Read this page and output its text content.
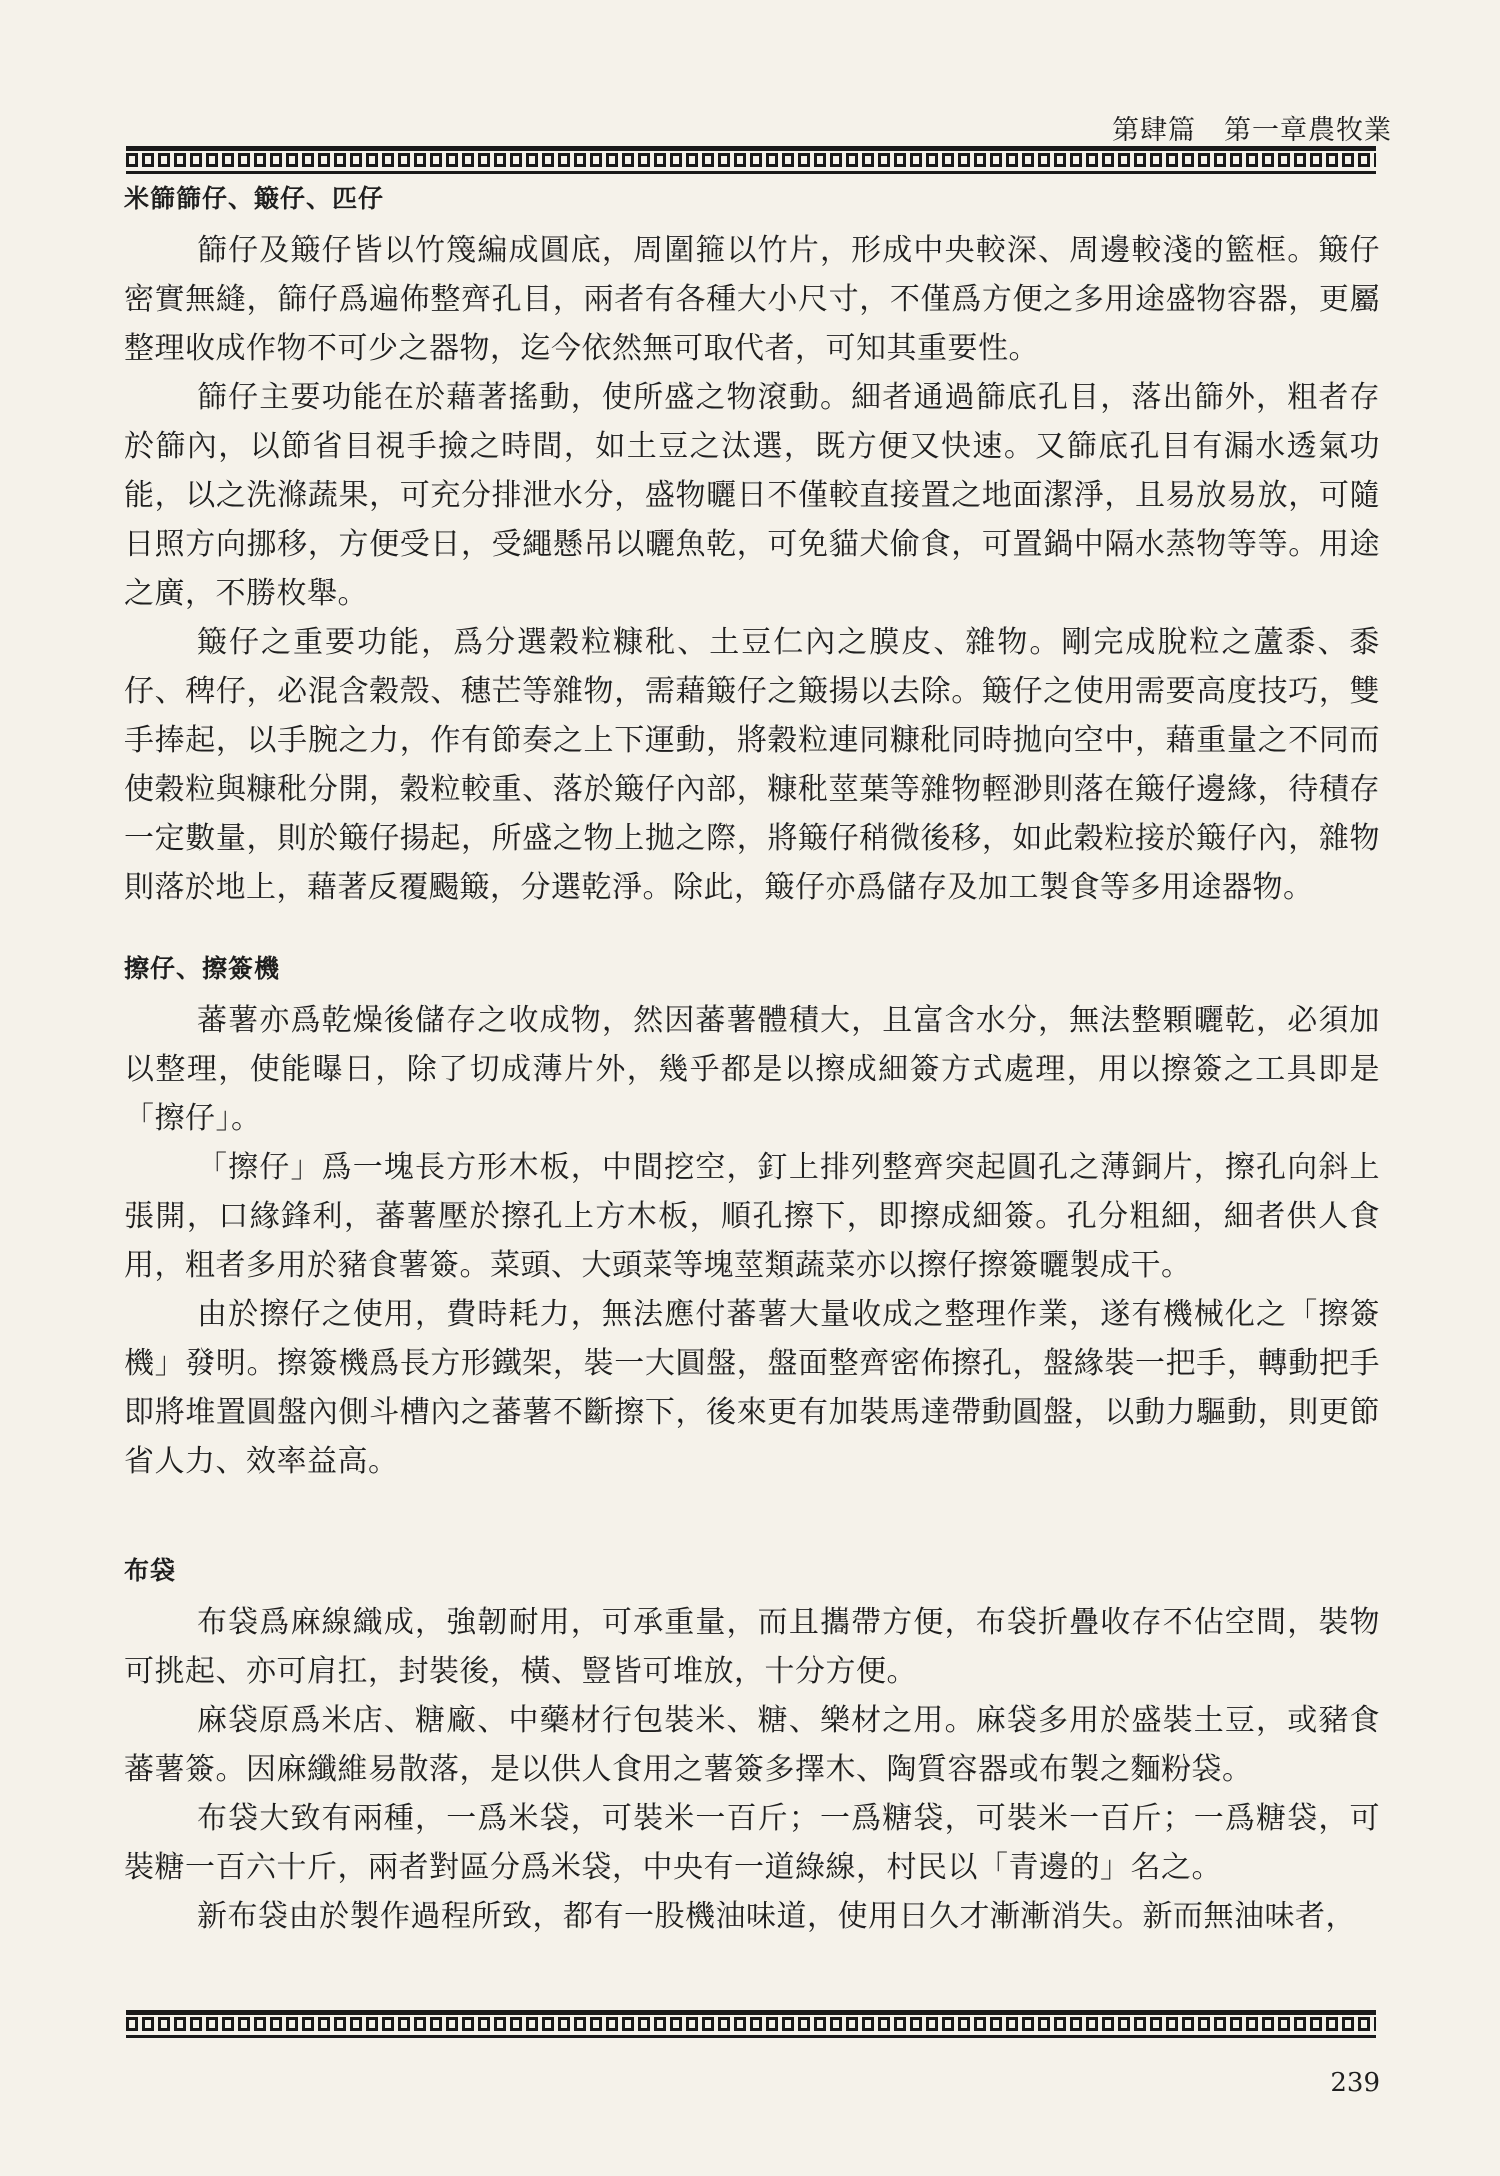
第肆篇　第一章農牧業
米篩篩仔、簸仔、匹仔

篩仔及簸仔皆以竹篾編成圓底，周圍箍以竹片，形成中央較深、周邊較淺的籃框。簸仔密實無縫，篩仔爲遍佈整齊孔目，兩者有各種大小尺寸，不僅爲方便之多用途盛物容器，更屬整理收成作物不可少之器物，迄今依然無可取代者，可知其重要性。

篩仔主要功能在於藉著搖動，使所盛之物滾動。細者通過篩底孔目，落出篩外，粗者存於篩內，以節省目視手撿之時間，如土豆之汰選，既方便又快速。又篩底孔目有漏水透氣功能，以之洗滌蔬果，可充分排泄水分，盛物曬日不僅較直接置之地面潔淨，且易放易放，可隨日照方向挪移，方便受日，受繩懸吊以曬魚乾，可免貓犬偷食，可置鍋中隔水蒸物等等。用途之廣，不勝枚舉。

簸仔之重要功能，爲分選穀粒糠秕、土豆仁內之膜皮、雜物。剛完成脫粒之蘆黍、黍仔、稗仔，必混含穀殼、穗芒等雜物，需藉簸仔之簸揚以去除。簸仔之使用需要高度技巧，雙手捧起，以手腕之力，作有節奏之上下運動，將穀粒連同糠秕同時拋向空中，藉重量之不同而使穀粒與糠秕分開，穀粒較重、落於簸仔內部，糠秕莖葉等雜物輕渺則落在簸仔邊緣，待積存一定數量，則於簸仔揚起，所盛之物上拋之際，將簸仔稍微後移，如此穀粒接於簸仔內，雜物則落於地上，藉著反覆颺簸，分選乾淨。除此，簸仔亦爲儲存及加工製食等多用途器物。

擦仔、擦簽機

蕃薯亦爲乾燥後儲存之收成物，然因蕃薯體積大，且富含水分，無法整顆曬乾，必須加以整理，使能曝日，除了切成薄片外，幾乎都是以擦成細簽方式處理，用以擦簽之工具即是「擦仔」。

「擦仔」爲一塊長方形木板，中間挖空，釘上排列整齊突起圓孔之薄銅片，擦孔向斜上張開，口緣鋒利，蕃薯壓於擦孔上方木板，順孔擦下，即擦成細簽。孔分粗細，細者供人食用，粗者多用於豬食薯簽。菜頭、大頭菜等塊莖類蔬菜亦以擦仔擦簽曬製成干。

由於擦仔之使用，費時耗力，無法應付蕃薯大量收成之整理作業，遂有機械化之「擦簽機」發明。擦簽機爲長方形鐵架，裝一大圓盤，盤面整齊密佈擦孔，盤緣裝一把手，轉動把手即將堆置圓盤內側斗槽內之蕃薯不斷擦下，後來更有加裝馬達帶動圓盤，以動力驅動，則更節省人力、效率益高。

布袋

布袋爲麻線織成，強韌耐用，可承重量，而且攜帶方便，布袋折疊收存不佔空間，裝物可挑起、亦可肩扛，封裝後，橫、豎皆可堆放，十分方便。

麻袋原爲米店、糖廠、中藥材行包裝米、糖、樂材之用。麻袋多用於盛裝土豆，或豬食蕃薯簽。因麻纖維易散落，是以供人食用之薯簽多擇木、陶質容器或布製之麵粉袋。

布袋大致有兩種，一爲米袋，可裝米一百斤；一爲糖袋，可裝米一百斤；一爲糖袋，可裝糖一百六十斤，兩者對區分爲米袋，中央有一道綠線，村民以「青邊的」名之。

新布袋由於製作過程所致，都有一股機油味道，使用日久才漸漸消失。新而無油味者，

239
